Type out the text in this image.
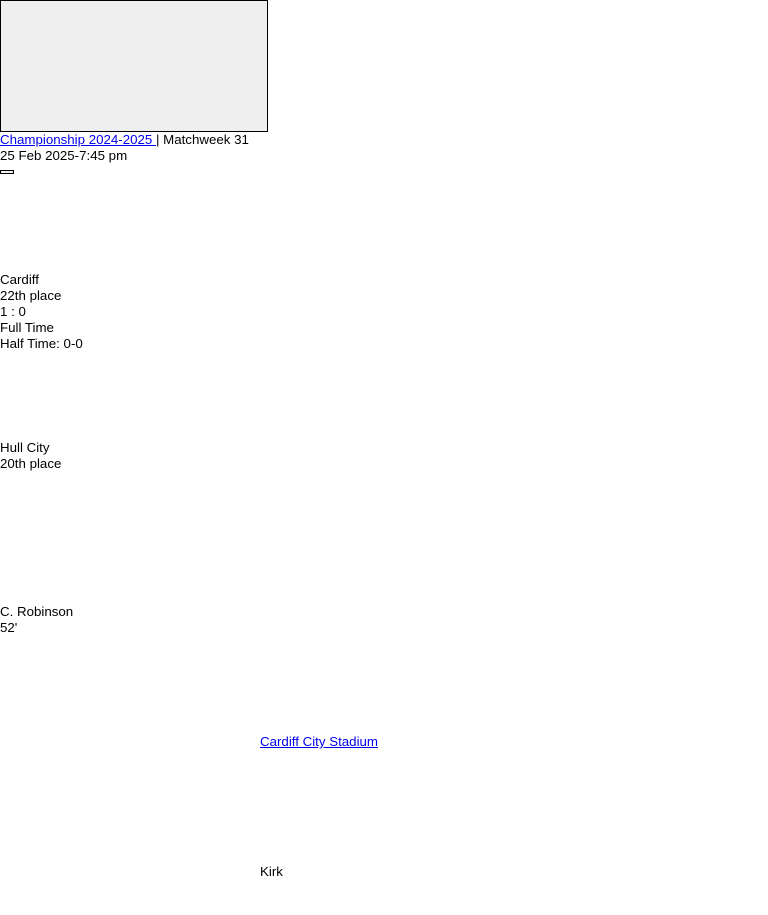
Championship 2024-2025 | Matchweek 31
25 Feb 2025-7:45 pm
Cardiff
22th place
1 : 0
Full Time
Half Time: 0-0
Hull City
20th place
C. Robinson
52'
Cardiff City Stadium
Kirk
